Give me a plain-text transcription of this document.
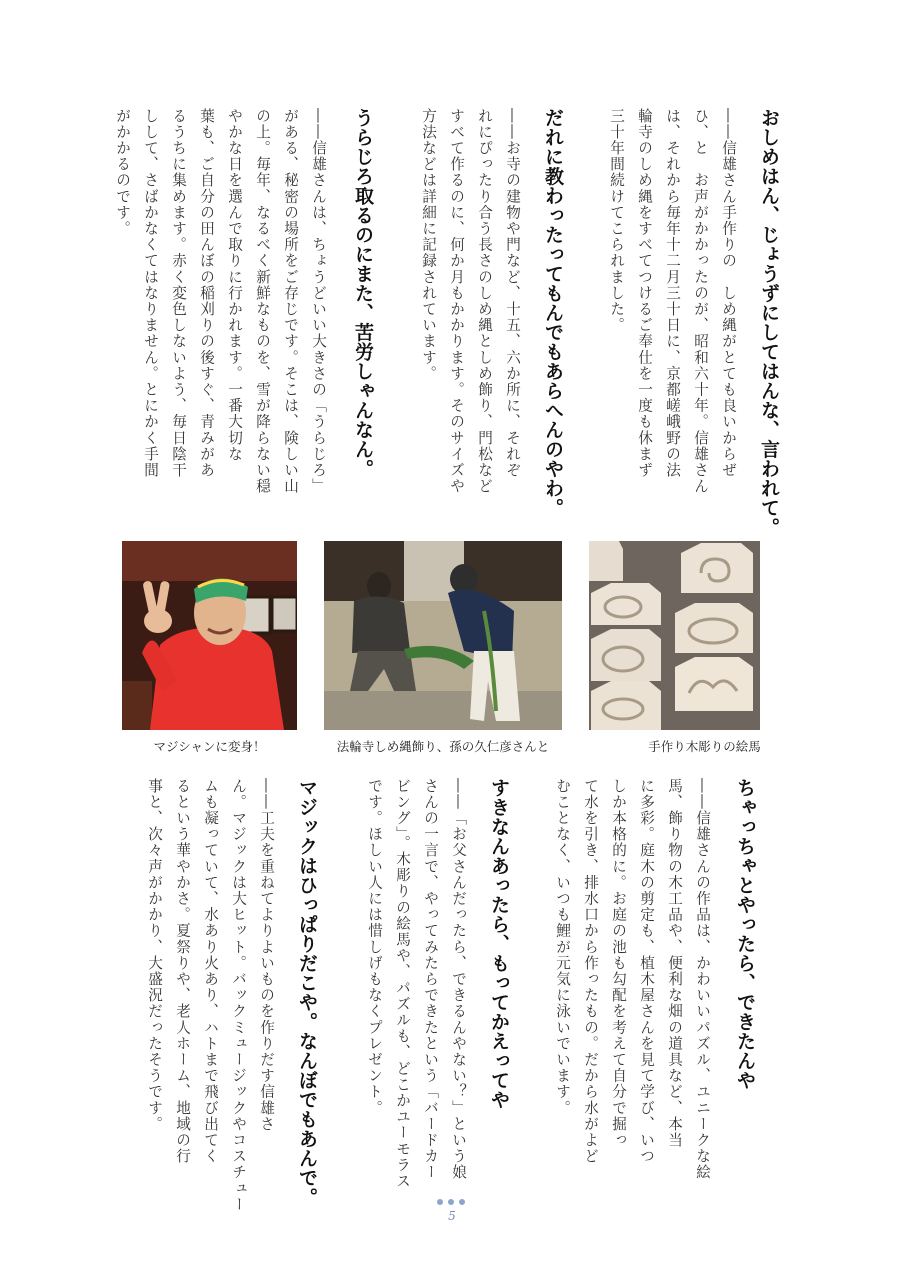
おしめはん、じょうずにしてはんな、言われて。
――信雄さん手作りの　しめ縄がとても良いからぜ
ひ、と　お声がかかったのが、昭和六十年。信雄さん
は、それから毎年十二月三十日に、京都嵯峨野の法
輪寺のしめ縄をすべてつけるご奉仕を一度も休まず
三十年間続けてこられました。
だれに教わったってもんでもあらへんのやわ。
――お寺の建物や門など、十五、六か所に、それぞ
れにぴったり合う長さのしめ縄としめ飾り、門松など
すべて作るのに、何か月もかかります。そのサイズや
方法などは詳細に記録されています。
うらじろ取るのにまた、苦労しゃんなん。
――信雄さんは、ちょうどいい大きさの「うらじろ」
がある、秘密の場所をご存じです。そこは、険しい山
の上。毎年、なるべく新鮮なものを、雪が降らない穏
やかな日を選んで取りに行かれます。一番大切な
葉も、ご自分の田んぼの稲刈りの後すぐ、青みがあ
るうちに集めます。赤く変色しないよう、毎日陰干
しして、さばかなくてはなりません。とにかく手間
がかかるのです。
マジシャンに変身！	法輪寺しめ縄飾り、孫の久仁彦さんと	手作り木彫りの絵馬
ちゃっちゃとやったら、できたんや
――信雄さんの作品は、かわいいパズル、ユニークな絵
馬、飾り物の木工品や、便利な畑の道具など、本当
に多彩。庭木の剪定も、植木屋さんを見て学び、いつ
しか本格的に。お庭の池も勾配を考えて自分で掘っ
て水を引き、排水口から作ったもの。だから水がよど
むことなく、いつも鯉が元気に泳いでいます。
すきなんあったら、もってかえってや
――「お父さんだったら、できるんやない？」という娘
さんの一言で、やってみたらできたという「バードカー
ビング」。木彫りの絵馬や、パズルも、どこかユーモラス
です。ほしい人には惜しげもなくプレゼント。
マジックはひっぱりだこや。なんぼでもあんで。
――工夫を重ねてよりよいものを作りだす信雄さ
ん。マジックは大ヒット。バックミュージックやコスチュー
ムも凝っていて、水あり火あり、ハトまで飛び出てく
るという華やかさ。夏祭りや、老人ホーム、地域の行
事と、次々声がかかり、大盛況だったそうです。
5
